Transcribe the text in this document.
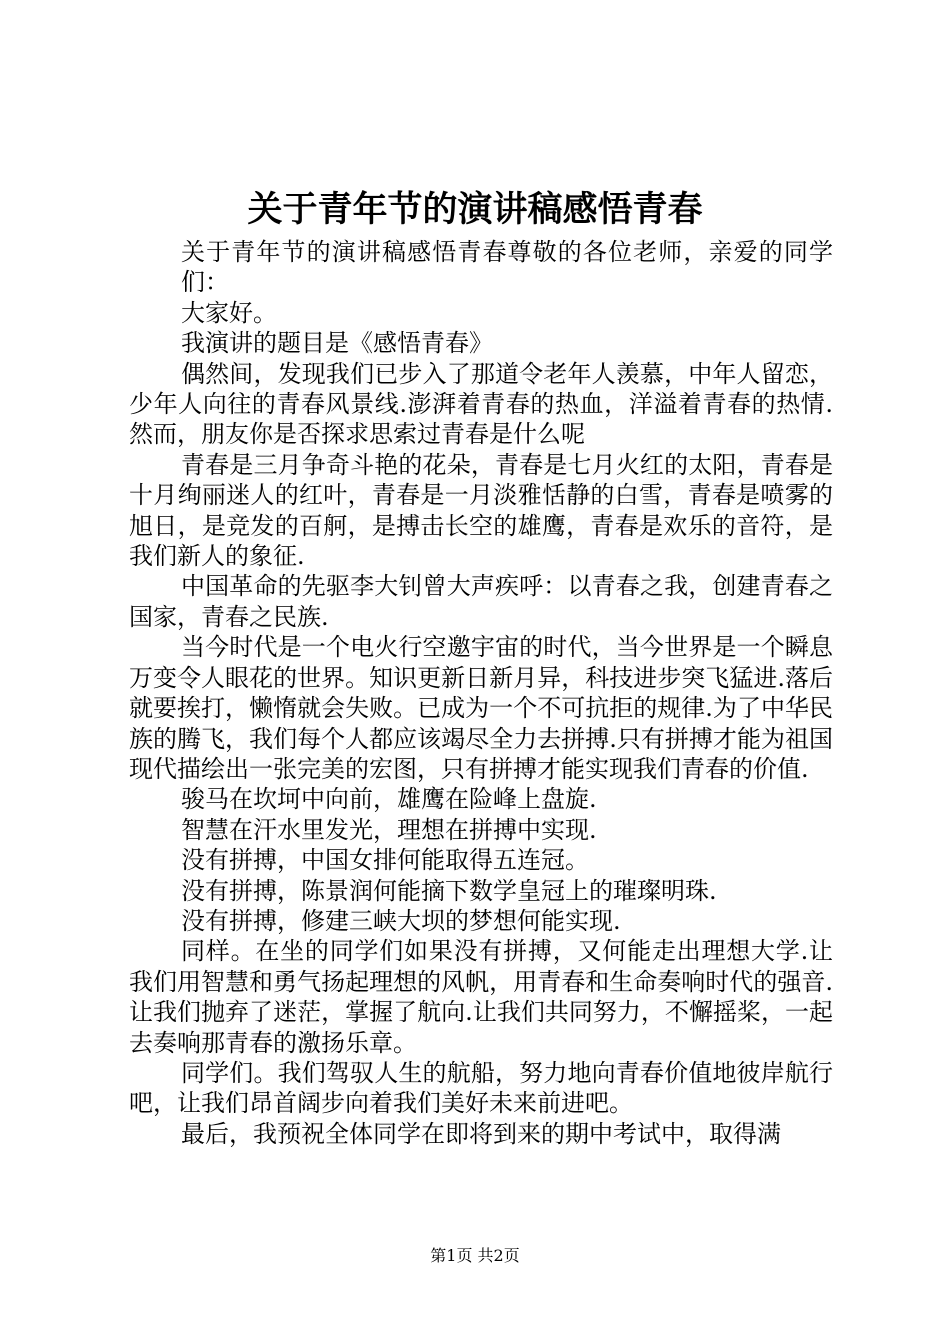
关于青年节的演讲稿感悟青春

关于青年节的演讲稿感悟青春尊敬的各位老师，亲爱的同学们：

大家好。

我演讲的题目是《感悟青春》

偶然间，发现我们已步入了那道令老年人羡慕，中年人留恋，少年人向往的青春风景线.澎湃着青春的热血，洋溢着青春的热情.然而，朋友你是否探求思索过青春是什么呢

青春是三月争奇斗艳的花朵，青春是七月火红的太阳，青春是十月绚丽迷人的红叶，青春是一月淡雅恬静的白雪，青春是喷雾的旭日，是竞发的百舸，是搏击长空的雄鹰，青春是欢乐的音符，是我们新人的象征.

中国革命的先驱李大钊曾大声疾呼：以青春之我，创建青春之国家，青春之民族.

当今时代是一个电火行空邀宇宙的时代，当今世界是一个瞬息万变令人眼花的世界。知识更新日新月异，科技进步突飞猛进.落后就要挨打，懒惰就会失败。已成为一个不可抗拒的规律.为了中华民族的腾飞，我们每个人都应该竭尽全力去拼搏.只有拼搏才能为祖国现代描绘出一张完美的宏图，只有拼搏才能实现我们青春的价值.

骏马在坎坷中向前，雄鹰在险峰上盘旋.

智慧在汗水里发光，理想在拼搏中实现.

没有拼搏，中国女排何能取得五连冠。

没有拼搏，陈景润何能摘下数学皇冠上的璀璨明珠.

没有拼搏，修建三峡大坝的梦想何能实现.

同样。在坐的同学们如果没有拼搏，又何能走出理想大学.让我们用智慧和勇气扬起理想的风帆，用青春和生命奏响时代的强音.让我们抛弃了迷茫，掌握了航向.让我们共同努力，不懈摇桨，一起去奏响那青春的激扬乐章。

同学们。我们驾驭人生的航船，努力地向青春价值地彼岸航行吧，让我们昂首阔步向着我们美好未来前进吧。

最后，我预祝全体同学在即将到来的期中考试中，取得满

第1页 共2页
